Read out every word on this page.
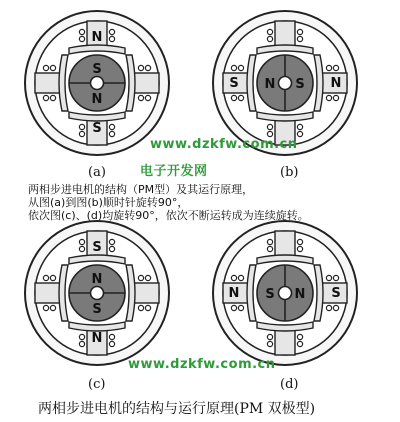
N
S
S
N
S	N
S
N
S
N
N
S
N	S
N
S
(a)	(b)
(c)	(d)
www.dzkfw.com.cn
电子开发网
www.dzkfw.com.cn
两相步进电机的结构（PM型）及其运行原理，
从图(a)到图(b)顺时针旋转90°，
依次图(c)、(d)均旋转90°，依次不断运转成为连续旋转。
两相步进电机的结构与运行原理(PM 双极型)
